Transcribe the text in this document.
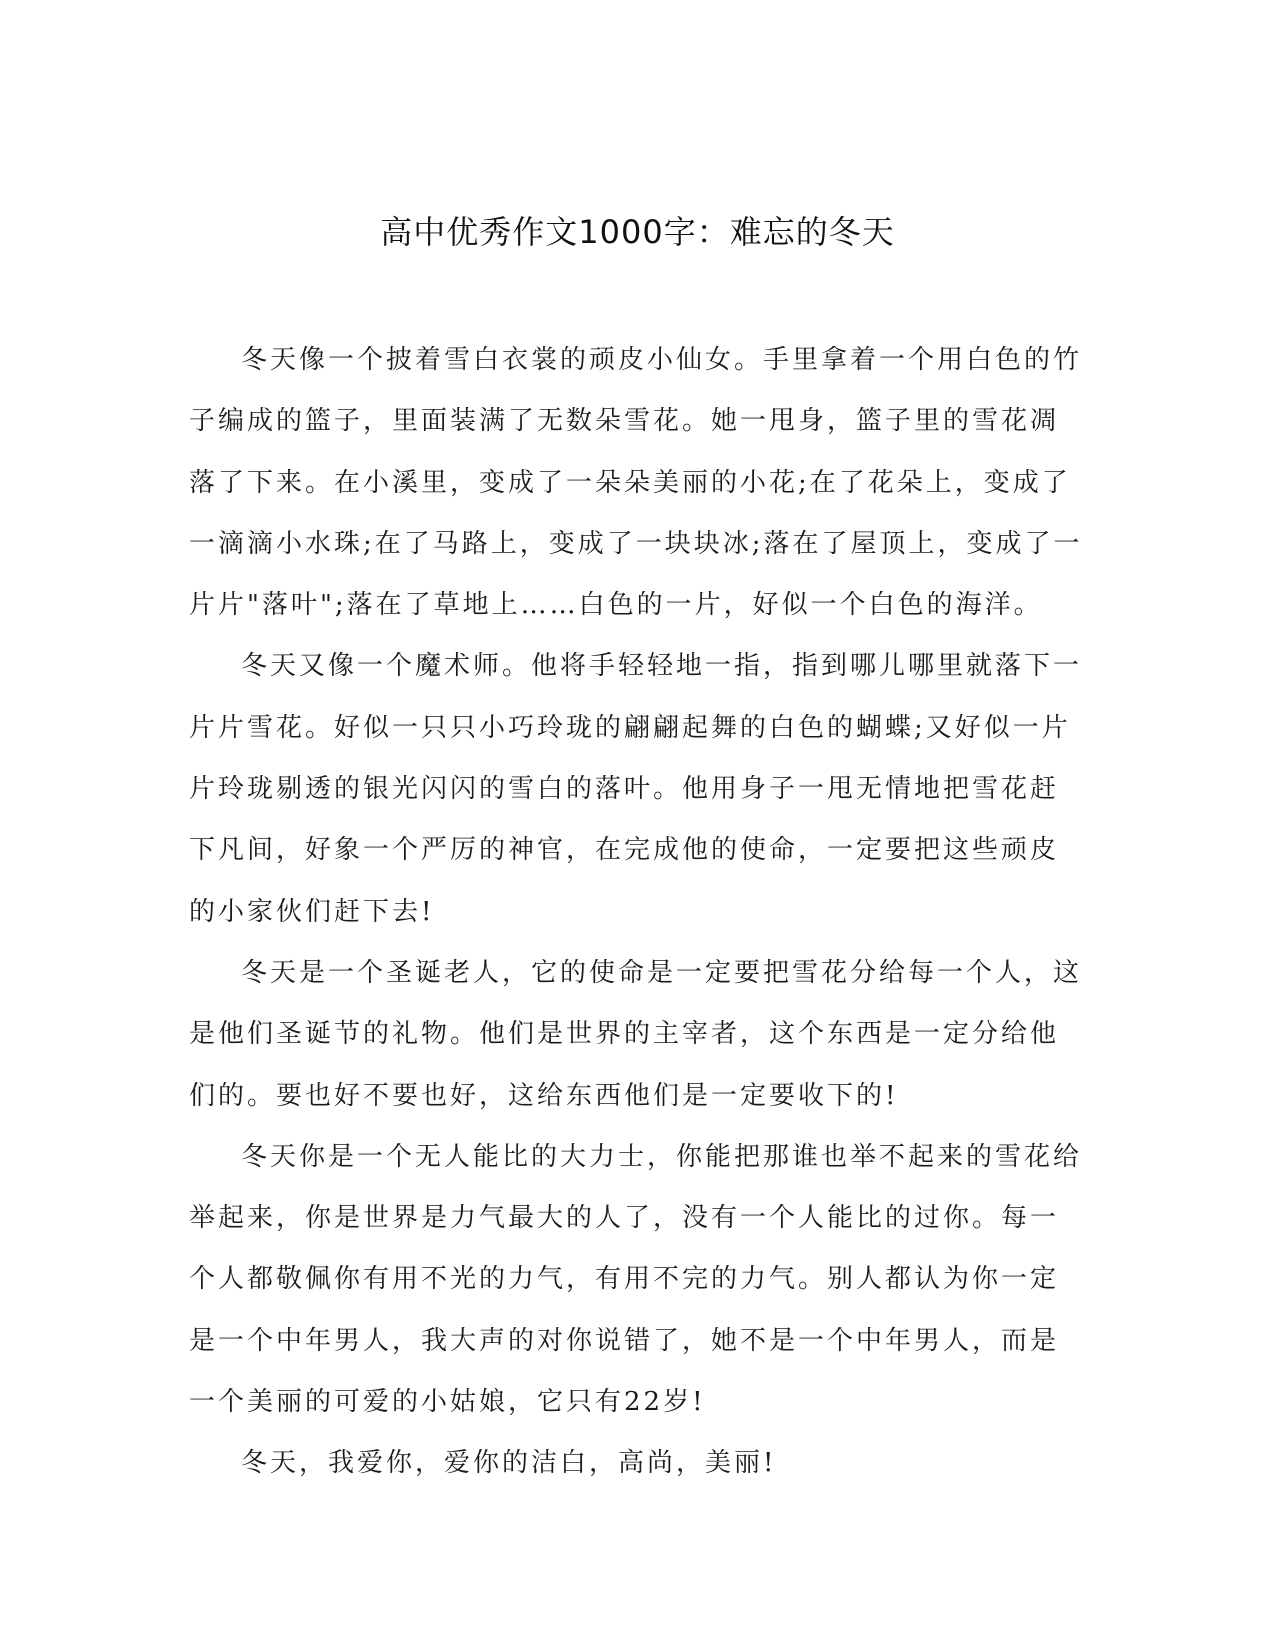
高中优秀作文1000字：难忘的冬天

冬天像一个披着雪白衣裳的顽皮小仙女。手里拿着一个用白色的竹子编成的篮子，里面装满了无数朵雪花。她一甩身，篮子里的雪花凋落了下来。在小溪里，变成了一朵朵美丽的小花;在了花朵上，变成了一滴滴小水珠;在了马路上，变成了一块块冰;落在了屋顶上，变成了一片片"落叶";落在了草地上……白色的一片，好似一个白色的海洋。

冬天又像一个魔术师。他将手轻轻地一指，指到哪儿哪里就落下一片片雪花。好似一只只小巧玲珑的翩翩起舞的白色的蝴蝶;又好似一片片玲珑剔透的银光闪闪的雪白的落叶。他用身子一甩无情地把雪花赶下凡间，好象一个严厉的神官，在完成他的使命，一定要把这些顽皮的小家伙们赶下去!

冬天是一个圣诞老人，它的使命是一定要把雪花分给每一个人，这是他们圣诞节的礼物。他们是世界的主宰者，这个东西是一定分给他们的。要也好不要也好，这给东西他们是一定要收下的!

冬天你是一个无人能比的大力士，你能把那谁也举不起来的雪花给举起来，你是世界是力气最大的人了，没有一个人能比的过你。每一个人都敬佩你有用不光的力气，有用不完的力气。别人都认为你一定是一个中年男人，我大声的对你说错了，她不是一个中年男人，而是一个美丽的可爱的小姑娘，它只有22岁!

冬天，我爱你，爱你的洁白，高尚，美丽!
